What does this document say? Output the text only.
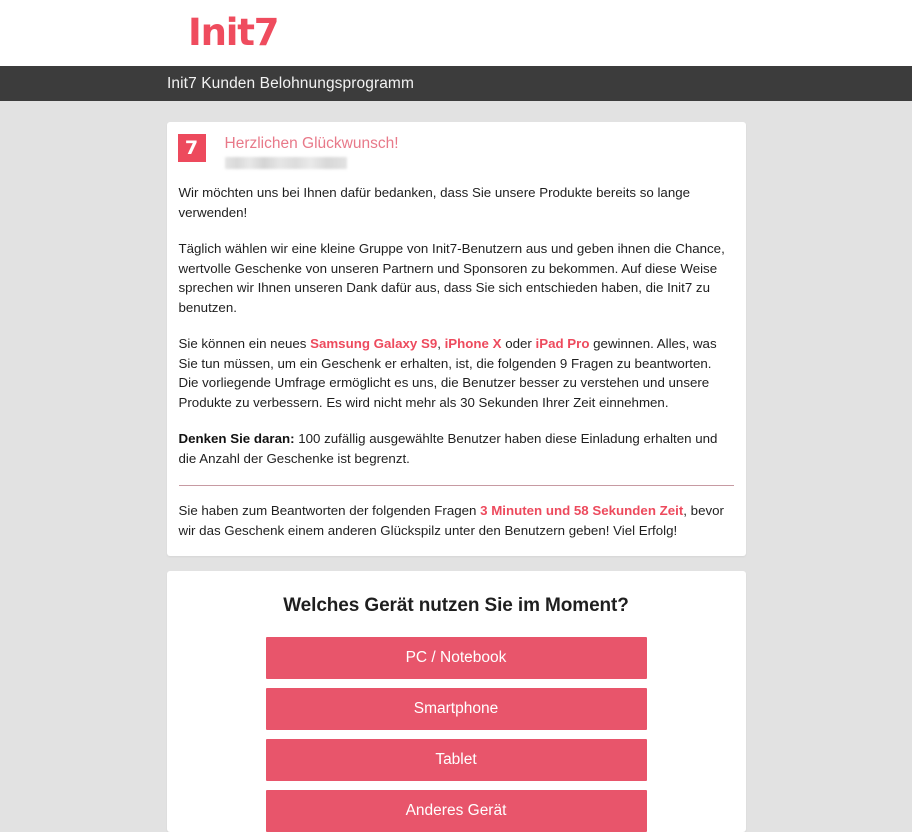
Init7
Init7 Kunden Belohnungsprogramm
7	Herzlichen Glückwunsch!

Wir möchten uns bei Ihnen dafür bedanken, dass Sie unsere Produkte bereits so lange verwenden!

Täglich wählen wir eine kleine Gruppe von Init7-Benutzern aus und geben ihnen die Chance, wertvolle Geschenke von unseren Partnern und Sponsoren zu bekommen. Auf diese Weise sprechen wir Ihnen unseren Dank dafür aus, dass Sie sich entschieden haben, die Init7 zu benutzen.

Sie können ein neues Samsung Galaxy S9, iPhone X oder iPad Pro gewinnen. Alles, was Sie tun müssen, um ein Geschenk er erhalten, ist, die folgenden 9 Fragen zu beantworten. Die vorliegende Umfrage ermöglicht es uns, die Benutzer besser zu verstehen und unsere Produkte zu verbessern. Es wird nicht mehr als 30 Sekunden Ihrer Zeit einnehmen.

Denken Sie daran: 100 zufällig ausgewählte Benutzer haben diese Einladung erhalten und die Anzahl der Geschenke ist begrenzt.

Sie haben zum Beantworten der folgenden Fragen 3 Minuten und 58 Sekunden Zeit, bevor wir das Geschenk einem anderen Glückspilz unter den Benutzern geben! Viel Erfolg!

Welches Gerät nutzen Sie im Moment?
PC / Notebook
Smartphone
Tablet
Anderes Gerät
